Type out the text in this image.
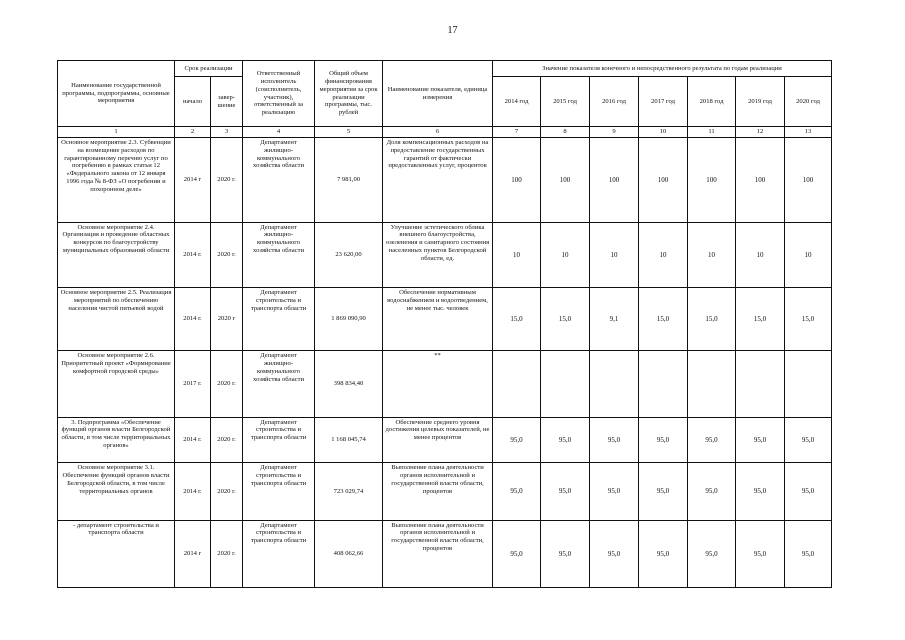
17
Наименование государственной программы, подпрограммы, основные мероприятия	Срок реализации		Ответственный исполнитель (соисполнитель, участник), ответственный за реализацию	Общий объем финансирования мероприятия за срок реализации программы, тыс. рублей	Наименование показателя, единица измерения	Значение показателя конечного и непосредственного результата по годам реализации						
	начало	завер-шение				2014 год	2015 год	2016 год	2017 год	2018 год	2019 год	2020 год
1	2	3	4	5	6	7	8	9	10	11	12	13
Основное мероприятие 2.3. Субвенции на возмещение расходов по гарантированному перечню услуг по погребению в рамках статьи 12 «Федерального закона от 12 января 1996 года № 8-ФЗ «О погребении и похоронном деле»	2014 г	2020 г.	Департамент жилищно-коммунального хозяйства области	7 981,00	Доля компенсационных расходов на предоставление государственных гарантий от фактически предоставленных услуг, процентов	100	100	100	100	100	100	100
Основное мероприятие 2.4. Организация и проведение областных конкурсов по благоустройству муниципальных образований области	2014 г.	2020 г.	Департамент жилищно-коммунального хозяйства области	23 620,00	Улучшение эстетического облика внешнего благоустройства, озеленения и санитарного состояния населенных пунктов Белгородской области, ед.	10	10	10	10	10	10	10
Основное мероприятие 2.5. Реализация мероприятий по обеспечению населения чистой питьевой водой	2014 г.	2020 г	Департамент строительства и транспорта области	1 869 090,90	Обеспечение нормативным водоснабжением и водоотведением, не менее тыс. человек	15,0	15,0	9,1	15,0	15,0	15,0	15,0
Основное мероприятие 2.6. Приоритетный проект «Формирование комфортной городской среды»	2017 г.	2020 г.	Департамент жилищно-коммунального хозяйства области	398 834,40	**							
3. Подпрограмма «Обеспечение функций органов власти Белгородской области, в том числе территориальных органов»	2014 г.	2020 г.	Департамент строительства и транспорта области	1 168 045,74	Обеспечение среднего уровня достижения целевых показателей, не менее процентов	95,0	95,0	95,0	95,0	95,0	95,0	95,0
Основное мероприятие 3.1. Обеспечение функций органов власти Белгородской области, в том числе территориальных органов	2014 г.	2020 г.	Департамент строительства и транспорта области	723 029,74	Выполнение плана деятельности органов исполнительной и государственной власти области, процентов	95,0	95,0	95,0	95,0	95,0	95,0	95,0
- департамент строительства и транспорта области	2014 г	2020 г.	Департамент строительства и транспорта области	408 062,66	Выполнение плана деятельности органов исполнительной и государственной власти области, процентов	95,0	95,0	95,0	95,0	95,0	95,0	95,0
